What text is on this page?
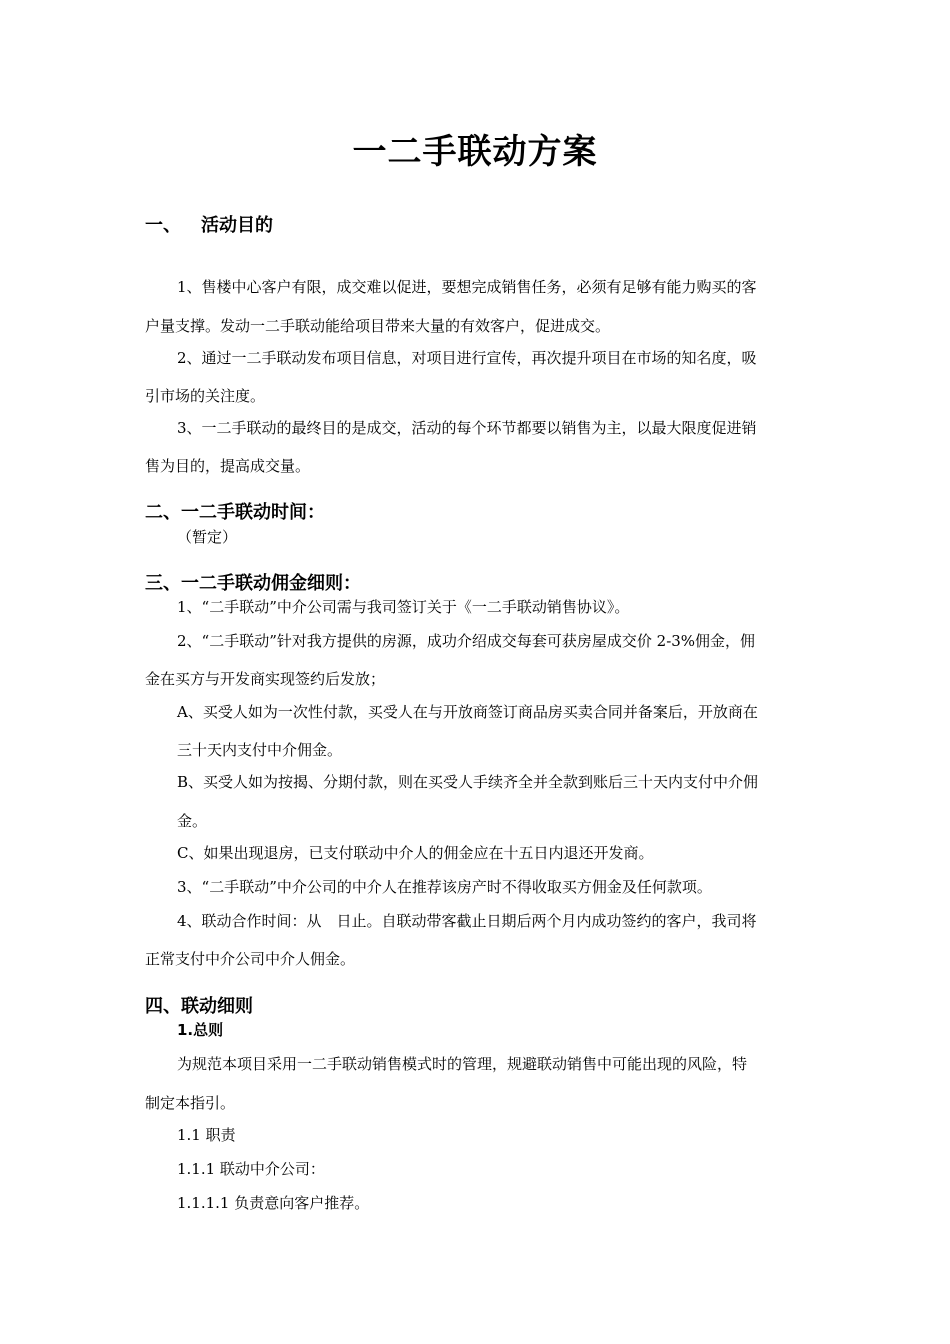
一二手联动方案
一、 活动目的
1、售楼中心客户有限，成交难以促进，要想完成销售任务，必须有足够有能力购买的客
户量支撑。发动一二手联动能给项目带来大量的有效客户，促进成交。
2、通过一二手联动发布项目信息，对项目进行宣传，再次提升项目在市场的知名度，吸
引市场的关注度。
3、一二手联动的最终目的是成交，活动的每个环节都要以销售为主，以最大限度促进销
售为目的，提高成交量。
二、一二手联动时间：
（暂定）
三、一二手联动佣金细则：
1、“二手联动”中介公司需与我司签订关于《一二手联动销售协议》。
2、“二手联动”针对我方提供的房源，成功介绍成交每套可获房屋成交价 2-3%佣金，佣
金在买方与开发商实现签约后发放；
A、买受人如为一次性付款，买受人在与开放商签订商品房买卖合同并备案后，开放商在
三十天内支付中介佣金。
B、买受人如为按揭、分期付款，则在买受人手续齐全并全款到账后三十天内支付中介佣
金。
C、如果出现退房，已支付联动中介人的佣金应在十五日内退还开发商。
3、“二手联动”中介公司的中介人在推荐该房产时不得收取买方佣金及任何款项。
4、联动合作时间：从　日止。自联动带客截止日期后两个月内成功签约的客户，我司将
正常支付中介公司中介人佣金。
四、联动细则
1.总则
为规范本项目采用一二手联动销售模式时的管理，规避联动销售中可能出现的风险，特
制定本指引。
1.1 职责
1.1.1 联动中介公司：
1.1.1.1 负责意向客户推荐。
